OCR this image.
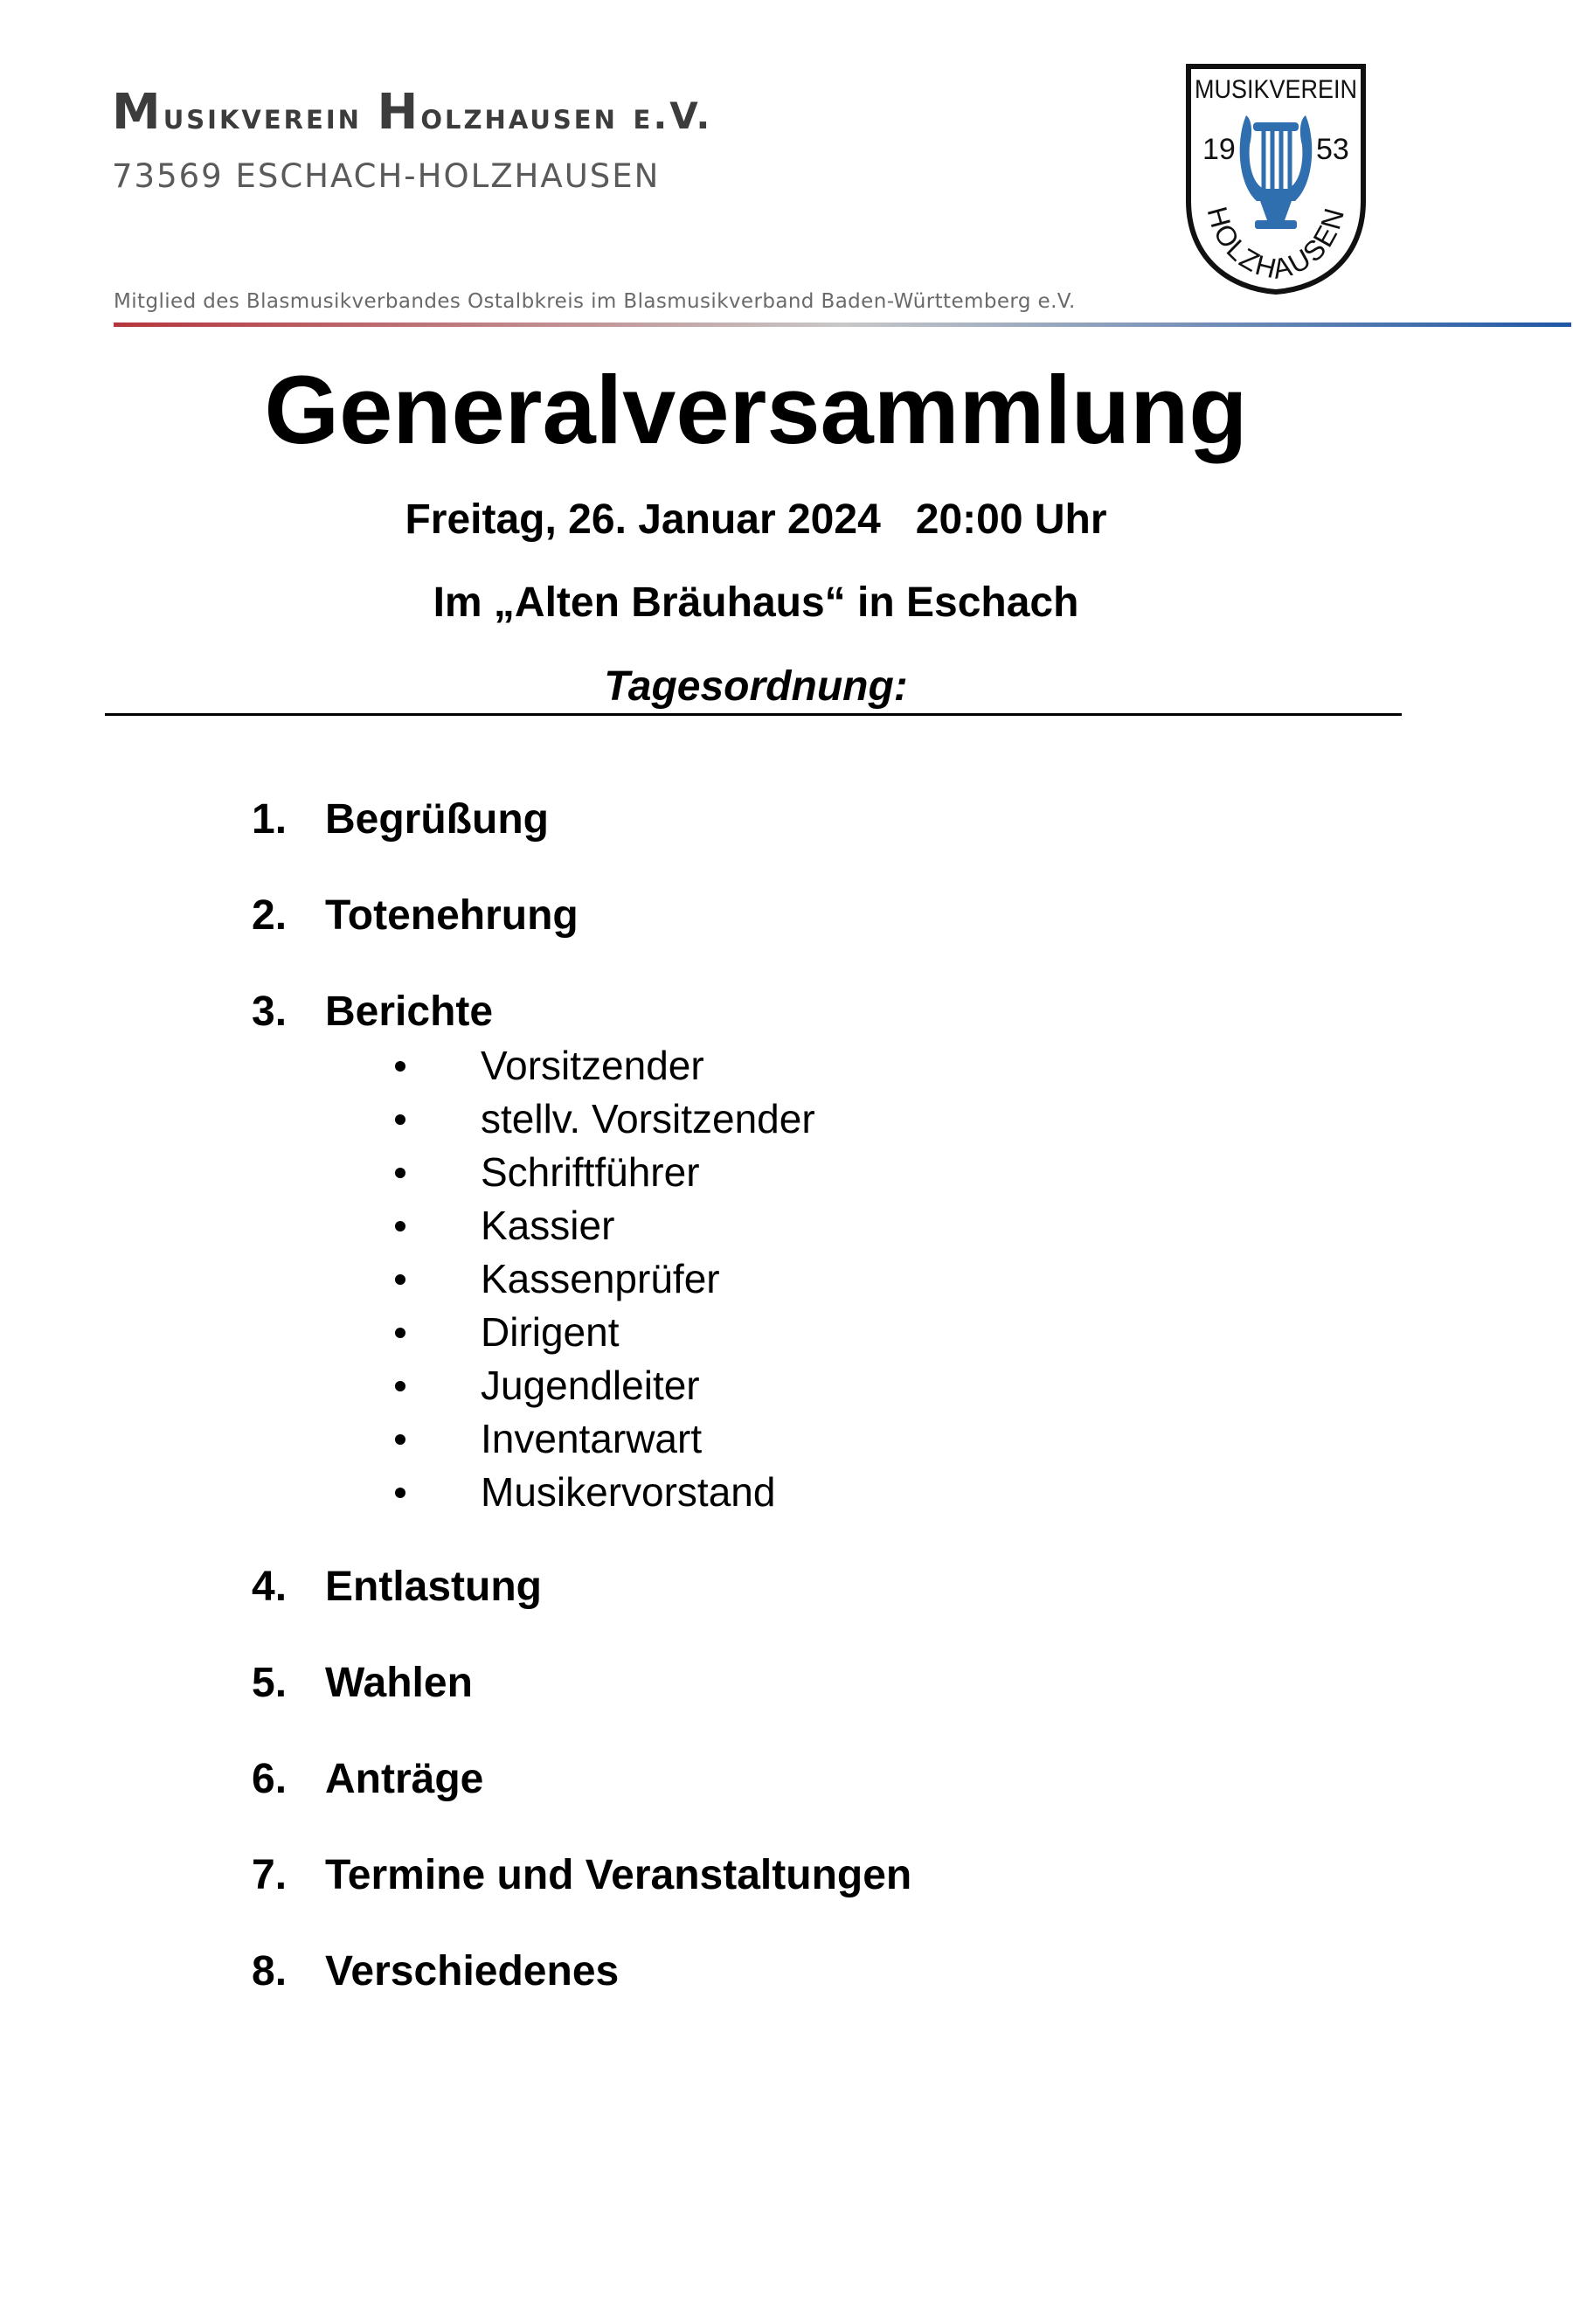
Musikverein Holzhausen e.V.
73569 ESCHACH-HOLZHAUSEN
Mitglied des Blasmusikverbandes Ostalbkreis im Blasmusikverband Baden-Württemberg e.V.
MUSIKVEREIN
19	53
HOLZHAUSEN
Generalversammlung
Freitag, 26. Januar 2024   20:00 Uhr
Im „Alten Bräuhaus“ in Eschach
Tagesordnung:
1. Begrüßung
2. Totenehrung
3. Berichte
Vorsitzender
stellv. Vorsitzender
Schriftführer
Kassier
Kassenprüfer
Dirigent
Jugendleiter
Inventarwart
Musikervorstand
4. Entlastung
5. Wahlen
6. Anträge
7. Termine und Veranstaltungen
8. Verschiedenes
